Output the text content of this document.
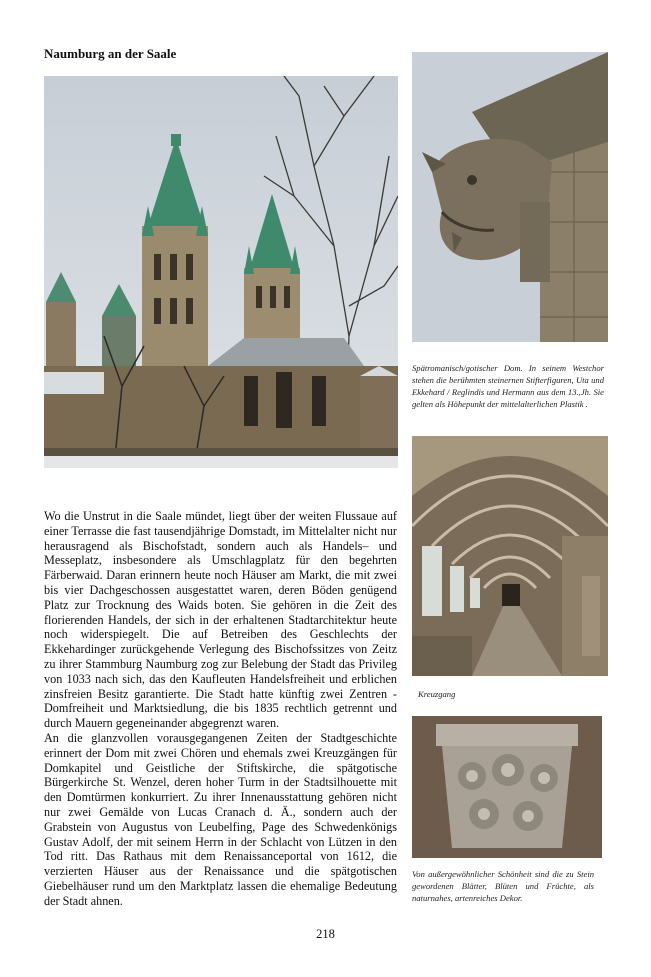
Naumburg an der Saale
Spätromanisch/gotischer Dom. In seinem Westchor stehen die berühmten steinernen Stifterfiguren, Uta und Ekkehard / Reglindis und Hermann aus dem 13.,Jh. Sie gelten als Höhepunkt der mittelalterlichen Plastik .
Kreuzgang
Von außergewöhnlicher Schönheit sind die zu Stein gewordenen Blätter, Blüten und Früchte, als naturnahes, artenreiches Dekor.

Wo die Unstrut in die Saale mündet, liegt über der weiten Flussaue auf einer Terrasse die fast tausendjährige Domstadt, im Mittelalter nicht nur herausragend als Bischofstadt, sondern auch als Handels– und Messeplatz, insbesondere als Umschlagplatz für den begehrten Färberwaid. Daran erinnern heute noch Häuser am Markt, die mit zwei bis vier Dachgeschossen ausgestattet waren, deren Böden genügend Platz zur Trocknung des Waids boten. Sie gehören in die Zeit des florierenden Handels, der sich in der erhaltenen Stadtarchitektur heute noch widerspiegelt. Die auf Betreiben des Geschlechts der Ekkehardinger zurückgehende Verlegung des Bischofssitzes von Zeitz zu ihrer Stammburg Naumburg zog zur Belebung der Stadt das Privileg von 1033 nach sich, das den Kaufleuten Handelsfreiheit und erblichen zinsfreien Besitz garantierte. Die Stadt hatte künftig zwei Zentren - Domfreiheit und Marktsiedlung, die bis 1835 rechtlich getrennt und durch Mauern gegeneinander abgegrenzt waren.

An die glanzvollen vorausgegangenen Zeiten der Stadtgeschichte erinnert der Dom mit zwei Chören und ehemals zwei Kreuzgängen für Domkapitel und Geistliche der Stiftskirche, die spätgotische Bürgerkirche St. Wenzel, deren hoher Turm in der Stadtsilhouette mit den Domtürmen konkurriert. Zu ihrer Innenausstattung gehören nicht nur zwei Gemälde von Lucas Cranach d. Ä., sondern auch der Grabstein von Augustus von Leubelfing, Page des Schwedenkönigs Gustav Adolf, der mit seinem Herrn in der Schlacht von Lützen in den Tod ritt. Das Rathaus mit dem Renaissanceportal von 1612, die verzierten Häuser aus der Renaissance und die spätgotischen Giebelhäuser rund um den Marktplatz lassen die ehemalige Bedeutung der Stadt ahnen.

218
